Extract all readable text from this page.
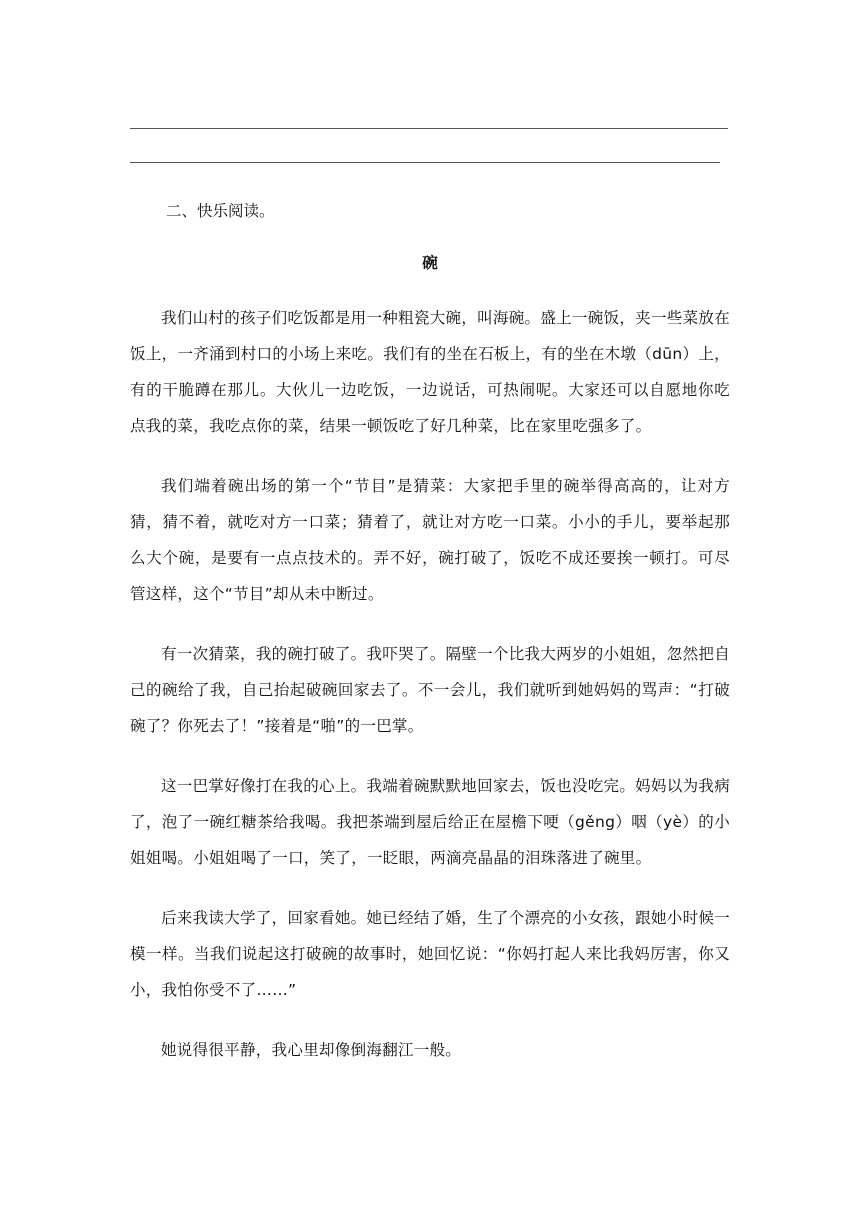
二、快乐阅读。
碗

我们山村的孩子们吃饭都是用一种粗瓷大碗，叫海碗。盛上一碗饭，夹一些菜放在饭上，一齐涌到村口的小场上来吃。我们有的坐在石板上，有的坐在木墩（dūn）上，有的干脆蹲在那儿。大伙儿一边吃饭，一边说话，可热闹呢。大家还可以自愿地你吃点我的菜，我吃点你的菜，结果一顿饭吃了好几种菜，比在家里吃强多了。

我们端着碗出场的第一个“节目”是猜菜：大家把手里的碗举得高高的，让对方猜，猜不着，就吃对方一口菜；猜着了，就让对方吃一口菜。小小的手儿，要举起那么大个碗，是要有一点点技术的。弄不好，碗打破了，饭吃不成还要挨一顿打。可尽管这样，这个“节目”却从未中断过。

有一次猜菜，我的碗打破了。我吓哭了。隔壁一个比我大两岁的小姐姐，忽然把自己的碗给了我，自己抬起破碗回家去了。不一会儿，我们就听到她妈妈的骂声：“打破碗了？你死去了！”接着是“啪”的一巴掌。

这一巴掌好像打在我的心上。我端着碗默默地回家去，饭也没吃完。妈妈以为我病了，泡了一碗红糖茶给我喝。我把茶端到屋后给正在屋檐下哽（gěng）咽（yè）的小姐姐喝。小姐姐喝了一口，笑了，一眨眼，两滴亮晶晶的泪珠落进了碗里。

后来我读大学了，回家看她。她已经结了婚，生了个漂亮的小女孩，跟她小时候一模一样。当我们说起这打破碗的故事时，她回忆说：“你妈打起人来比我妈厉害，你又小，我怕你受不了……”

她说得很平静，我心里却像倒海翻江一般。
